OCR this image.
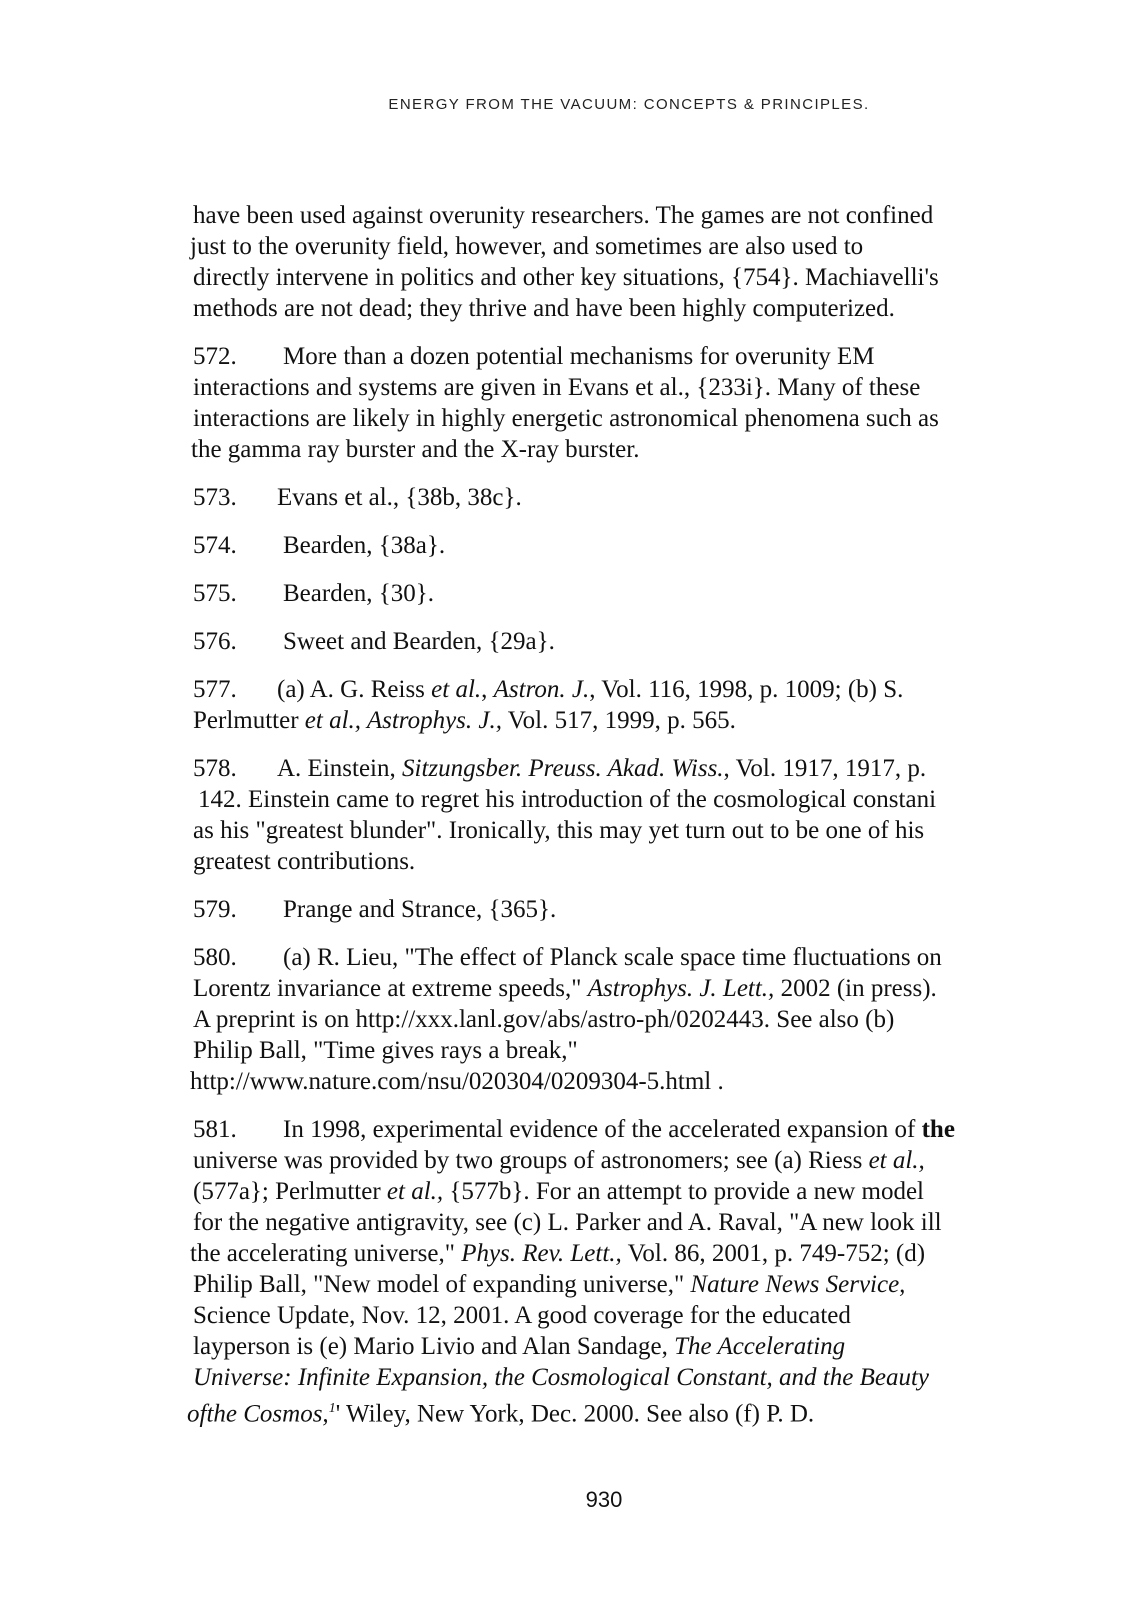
ENERGY FROM THE VACUUM: CONCEPTS & PRINCIPLES.
have been used against overunity researchers. The games are not confined
just to the overunity field, however, and sometimes are also used to
directly intervene in politics and other key situations, {754}. Machiavelli's
methods are not dead; they thrive and have been highly computerized.
572. More than a dozen potential mechanisms for overunity EM
interactions and systems are given in Evans et al., {233i}. Many of these
interactions are likely in highly energetic astronomical phenomena such as
the gamma ray burster and the X-ray burster.
573. Evans et al., {38b, 38c}.
574. Bearden, {38a}.
575. Bearden, {30}.
576. Sweet and Bearden, {29a}.
577. (a) A. G. Reiss et al., Astron. J., Vol. 116, 1998, p. 1009; (b) S.
Perlmutter et al., Astrophys. J., Vol. 517, 1999, p. 565.
578. A. Einstein, Sitzungsber. Preuss. Akad. Wiss., Vol. 1917, 1917, p.
142. Einstein came to regret his introduction of the cosmological constani
as his "greatest blunder". Ironically, this may yet turn out to be one of his
greatest contributions.
579. Prange and Strance, {365}.
580. (a) R. Lieu, "The effect of Planck scale space time fluctuations on
Lorentz invariance at extreme speeds," Astrophys. J. Lett., 2002 (in press).
A preprint is on http://xxx.lanl.gov/abs/astro-ph/0202443. See also (b)
Philip Ball, "Time gives rays a break,"
http://www.nature.com/nsu/020304/0209304-5.html .
581. In 1998, experimental evidence of the accelerated expansion of the
universe was provided by two groups of astronomers; see (a) Riess et al.,
(577a}; Perlmutter et al., {577b}. For an attempt to provide a new model
for the negative antigravity, see (c) L. Parker and A. Raval, "A new look ill
the accelerating universe," Phys. Rev. Lett., Vol. 86, 2001, p. 749-752; (d)
Philip Ball, "New model of expanding universe," Nature News Service,
Science Update, Nov. 12, 2001. A good coverage for the educated
layperson is (e) Mario Livio and Alan Sandage, The Accelerating
Universe: Infinite Expansion, the Cosmological Constant, and the Beauty
ofthe Cosmos,$^1$' Wiley, New York, Dec. 2000. See also (f) P. D.
930
